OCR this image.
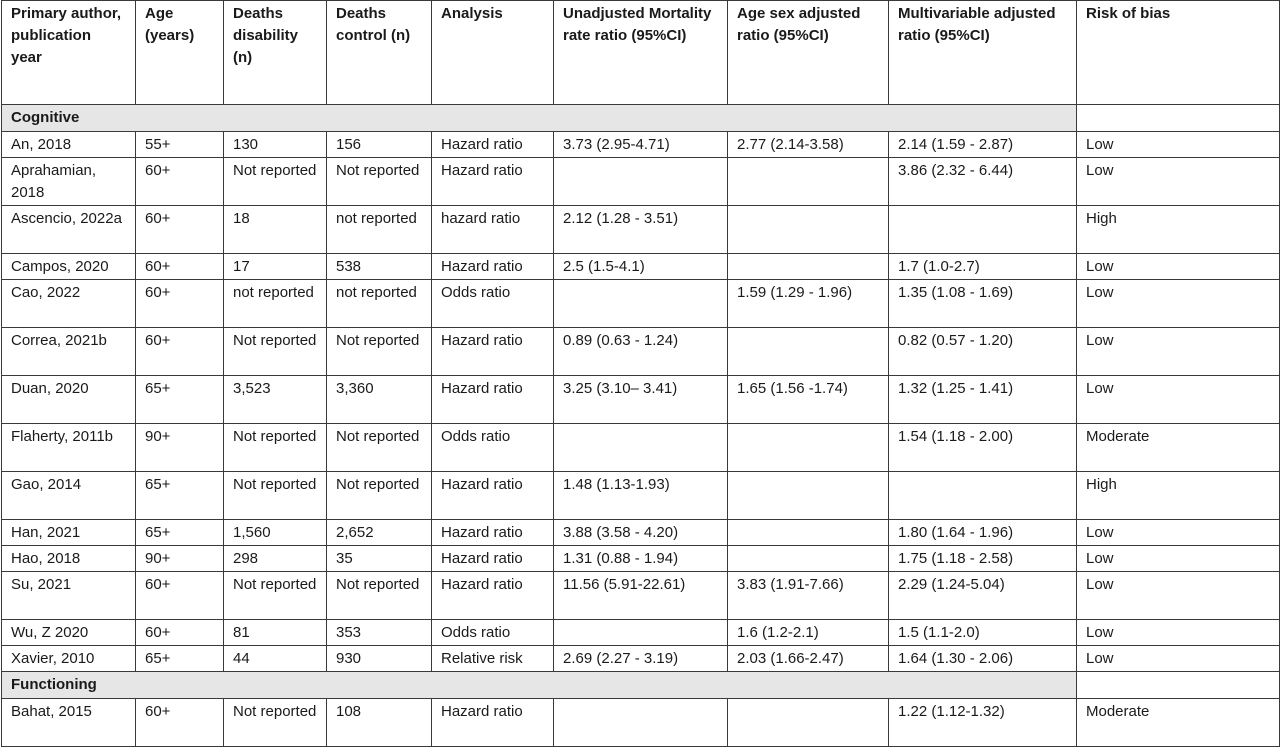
Primary author, publication year	Age (years)	Deaths disability (n)	Deaths control (n)	Analysis	Unadjusted Mortality rate ratio (95%CI)	Age sex adjusted ratio (95%CI)	Multivariable adjusted ratio (95%CI)	Risk of bias
Cognitive								
An, 2018	55+	130	156	Hazard ratio	3.73 (2.95-4.71)	2.77 (2.14-3.58)	2.14 (1.59 - 2.87)	Low
Aprahamian, 2018	60+	Not reported	Not reported	Hazard ratio			3.86 (2.32 - 6.44)	Low
Ascencio, 2022a	60+	18	not reported	hazard ratio	2.12 (1.28 - 3.51)			High
Campos, 2020	60+	17	538	Hazard ratio	2.5 (1.5-4.1)		1.7 (1.0-2.7)	Low
Cao, 2022	60+	not reported	not reported	Odds ratio		1.59 (1.29 - 1.96)	1.35 (1.08 - 1.69)	Low
Correa, 2021b	60+	Not reported	Not reported	Hazard ratio	0.89 (0.63 - 1.24)		0.82 (0.57 - 1.20)	Low
Duan, 2020	65+	3,523	3,360	Hazard ratio	3.25 (3.10– 3.41)	1.65 (1.56 -1.74)	1.32 (1.25 - 1.41)	Low
Flaherty, 2011b	90+	Not reported	Not reported	Odds ratio			1.54 (1.18 - 2.00)	Moderate
Gao, 2014	65+	Not reported	Not reported	Hazard ratio	1.48 (1.13-1.93)			High
Han, 2021	65+	1,560	2,652	Hazard ratio	3.88 (3.58 - 4.20)		1.80 (1.64 - 1.96)	Low
Hao, 2018	90+	298	35	Hazard ratio	1.31 (0.88 - 1.94)		1.75 (1.18 - 2.58)	Low
Su, 2021	60+	Not reported	Not reported	Hazard ratio	11.56 (5.91-22.61)	3.83 (1.91-7.66)	2.29 (1.24-5.04)	Low
Wu, Z 2020	60+	81	353	Odds ratio		1.6 (1.2-2.1)	1.5 (1.1-2.0)	Low
Xavier, 2010	65+	44	930	Relative risk	2.69 (2.27 - 3.19)	2.03 (1.66-2.47)	1.64 (1.30 - 2.06)	Low
Functioning								
Bahat, 2015	60+	Not reported	108	Hazard ratio			1.22 (1.12-1.32)	Moderate
